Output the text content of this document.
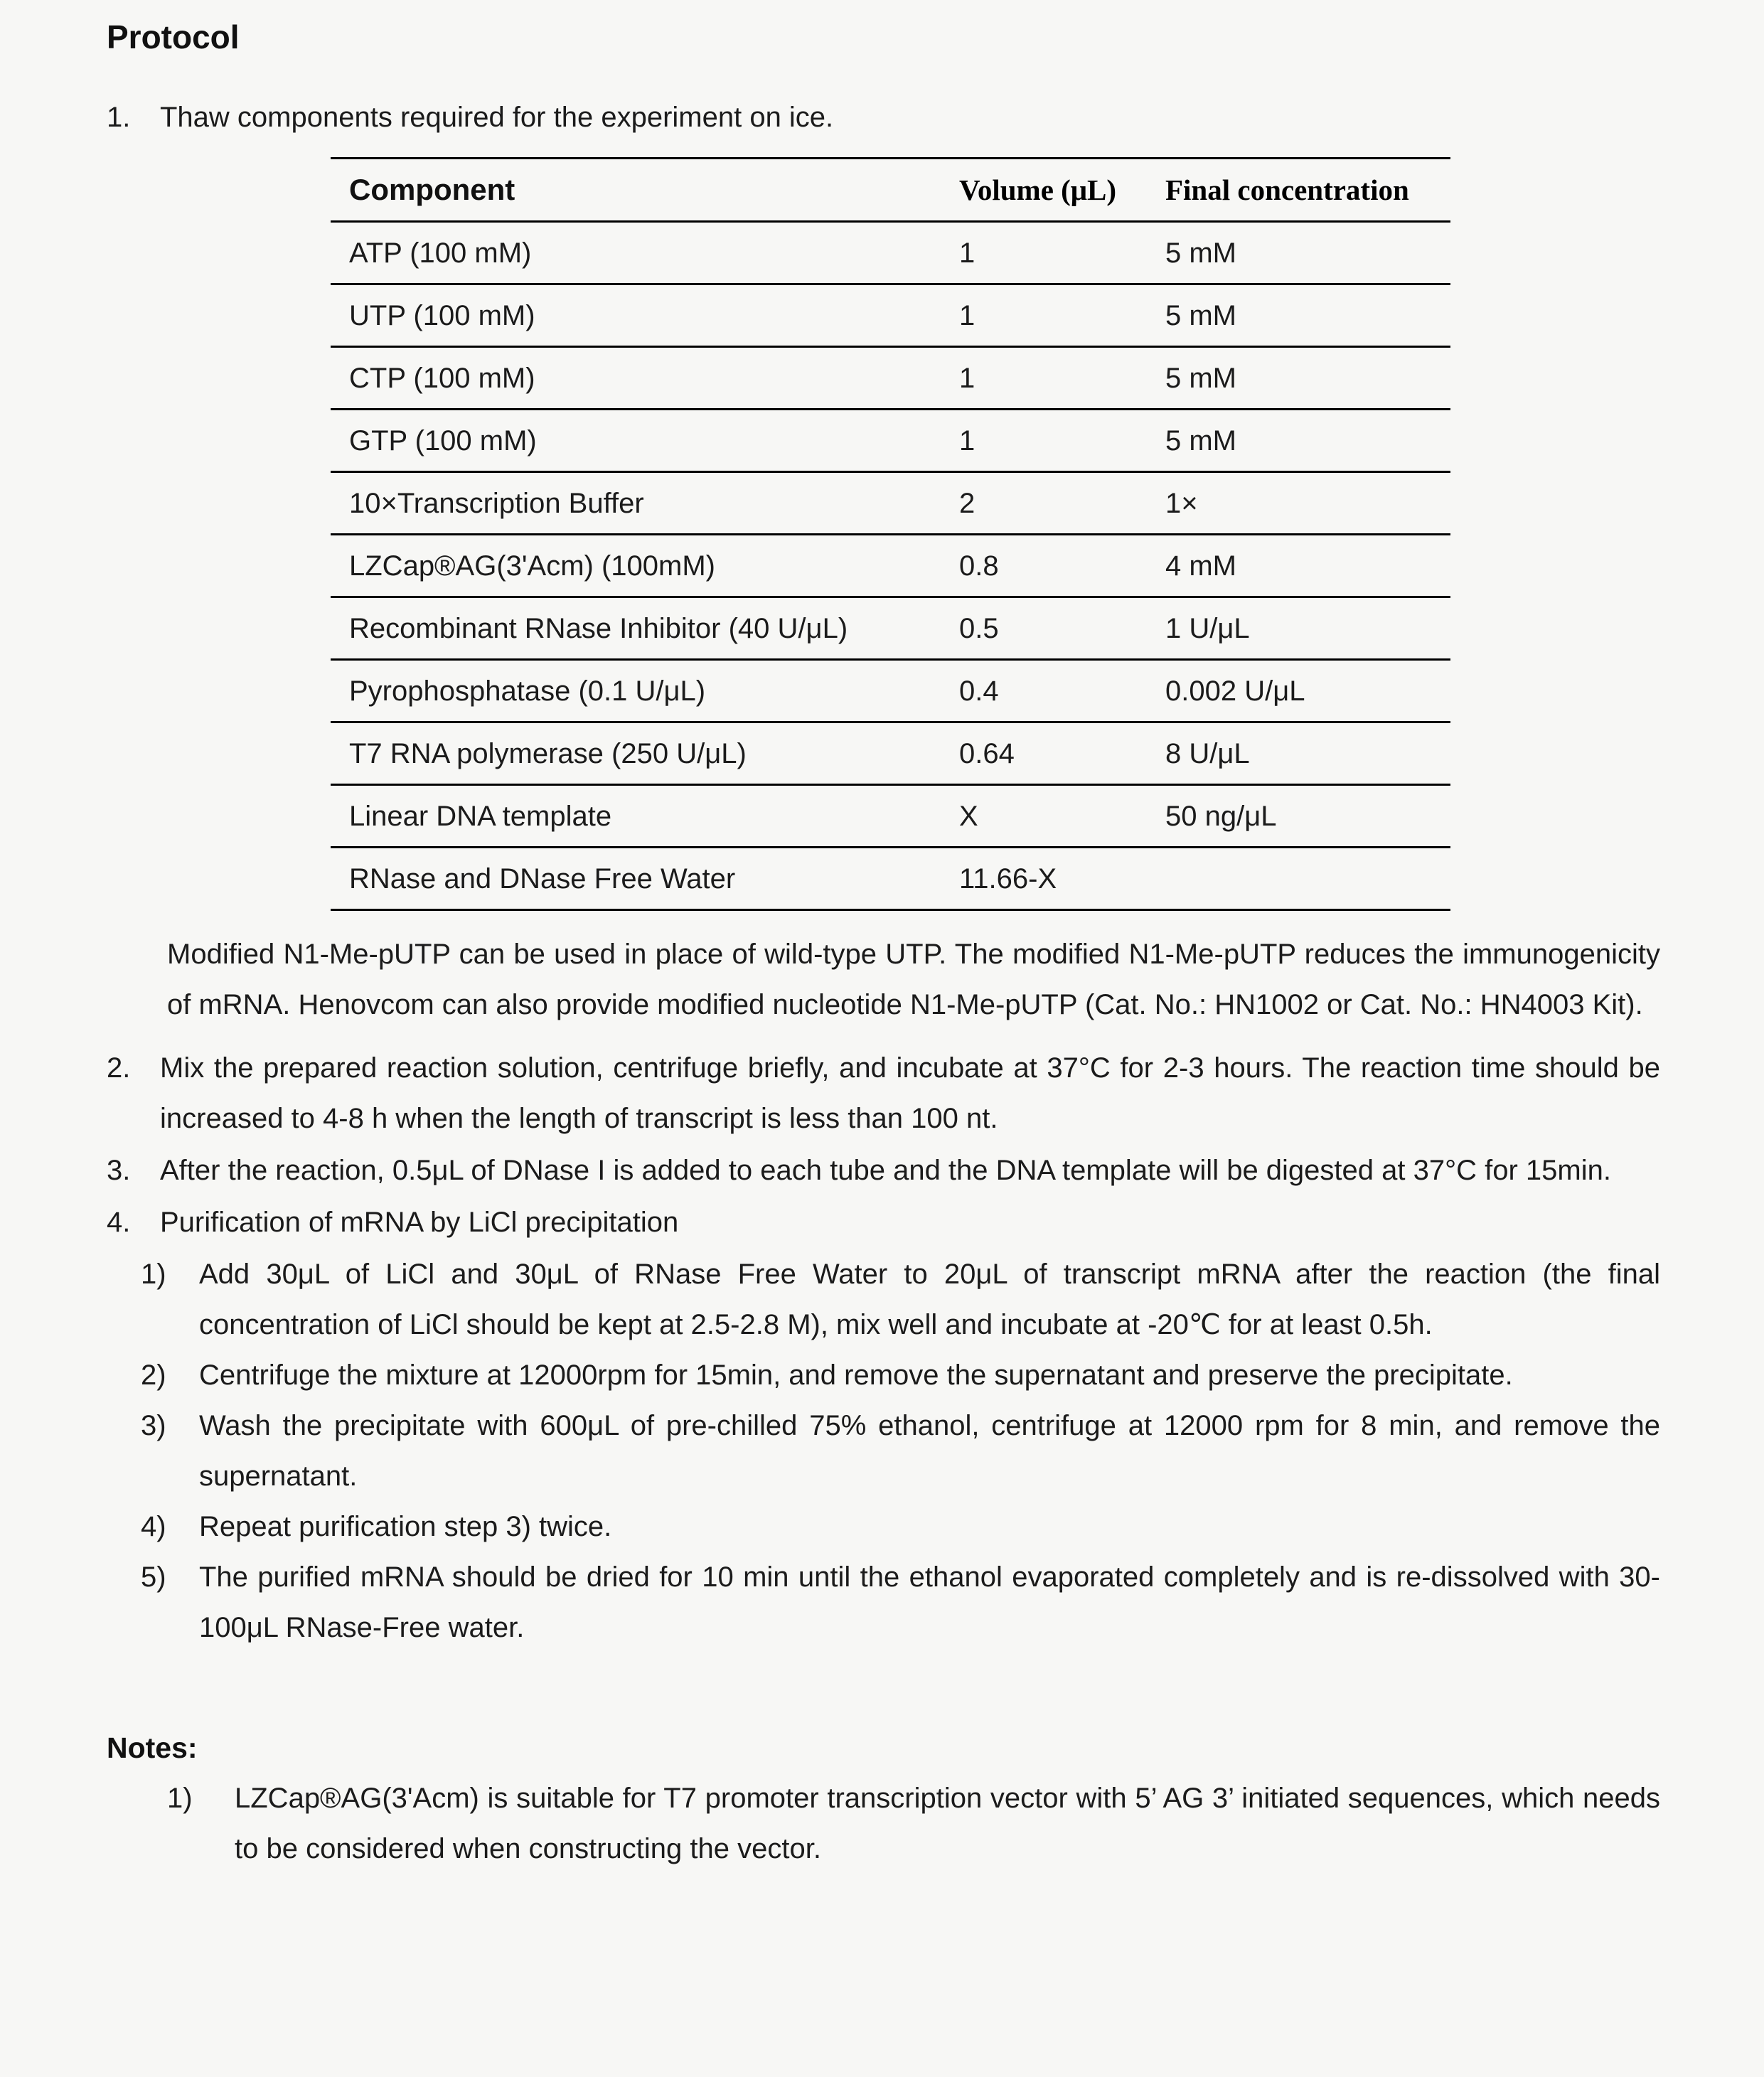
Protocol
1.	Thaw components required for the experiment on ice.
Component	Volume (μL)	Final concentration
ATP (100 mM)	1	5 mM
UTP (100 mM)	1	5 mM
CTP (100 mM)	1	5 mM
GTP (100 mM)	1	5 mM
10×Transcription Buffer	2	1×
LZCap®AG(3'Acm) (100mM)	0.8	4 mM
Recombinant RNase Inhibitor (40 U/μL)	0.5	1 U/μL
Pyrophosphatase (0.1 U/μL)	0.4	0.002 U/μL
T7 RNA polymerase (250 U/μL)	0.64	8 U/μL
Linear DNA template	X	50 ng/μL
RNase and DNase Free Water	11.66-X	
Modified N1-Me-pUTP can be used in place of wild-type UTP. The modified N1-Me-pUTP reduces the immunogenicity of mRNA. Henovcom can also provide modified nucleotide N1-Me-pUTP (Cat. No.: HN1002 or Cat. No.: HN4003 Kit).
2.	Mix the prepared reaction solution, centrifuge briefly, and incubate at 37°C for 2-3 hours. The reaction time should be increased to 4-8 h when the length of transcript is less than 100 nt.
3.	After the reaction, 0.5μL of DNase I is added to each tube and the DNA template will be digested at 37°C for 15min.
4.	Purification of mRNA by LiCl precipitation
1)	Add 30μL of LiCl and 30μL of RNase Free Water to 20μL of transcript mRNA after the reaction (the final concentration of LiCl should be kept at 2.5-2.8 M), mix well and incubate at -20℃ for at least 0.5h.
2)	Centrifuge the mixture at 12000rpm for 15min, and remove the supernatant and preserve the precipitate.
3)	Wash the precipitate with 600μL of pre-chilled 75% ethanol, centrifuge at 12000 rpm for 8 min, and remove the supernatant.
4)	Repeat purification step 3) twice.
5)	The purified mRNA should be dried for 10 min until the ethanol evaporated completely and is re-dissolved with 30-100μL RNase-Free water.
Notes:
1)	LZCap®AG(3'Acm) is suitable for T7 promoter transcription vector with 5’ AG 3’ initiated sequences, which needs to be considered when constructing the vector.
